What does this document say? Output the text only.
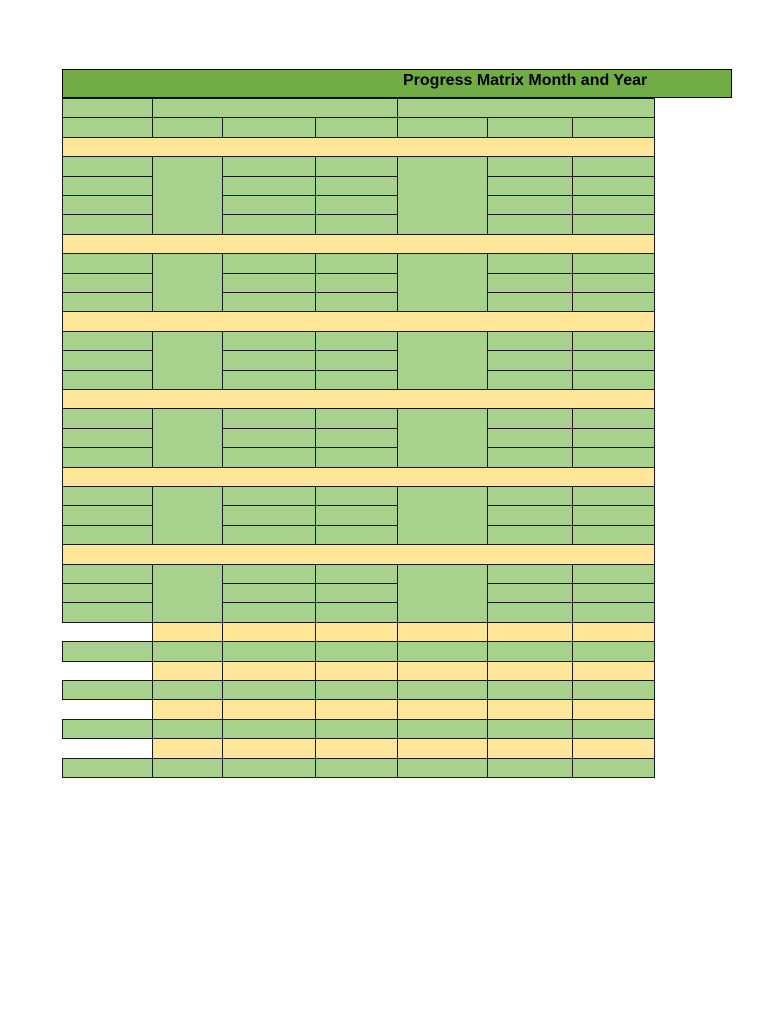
Progress Matrix Month and Year
